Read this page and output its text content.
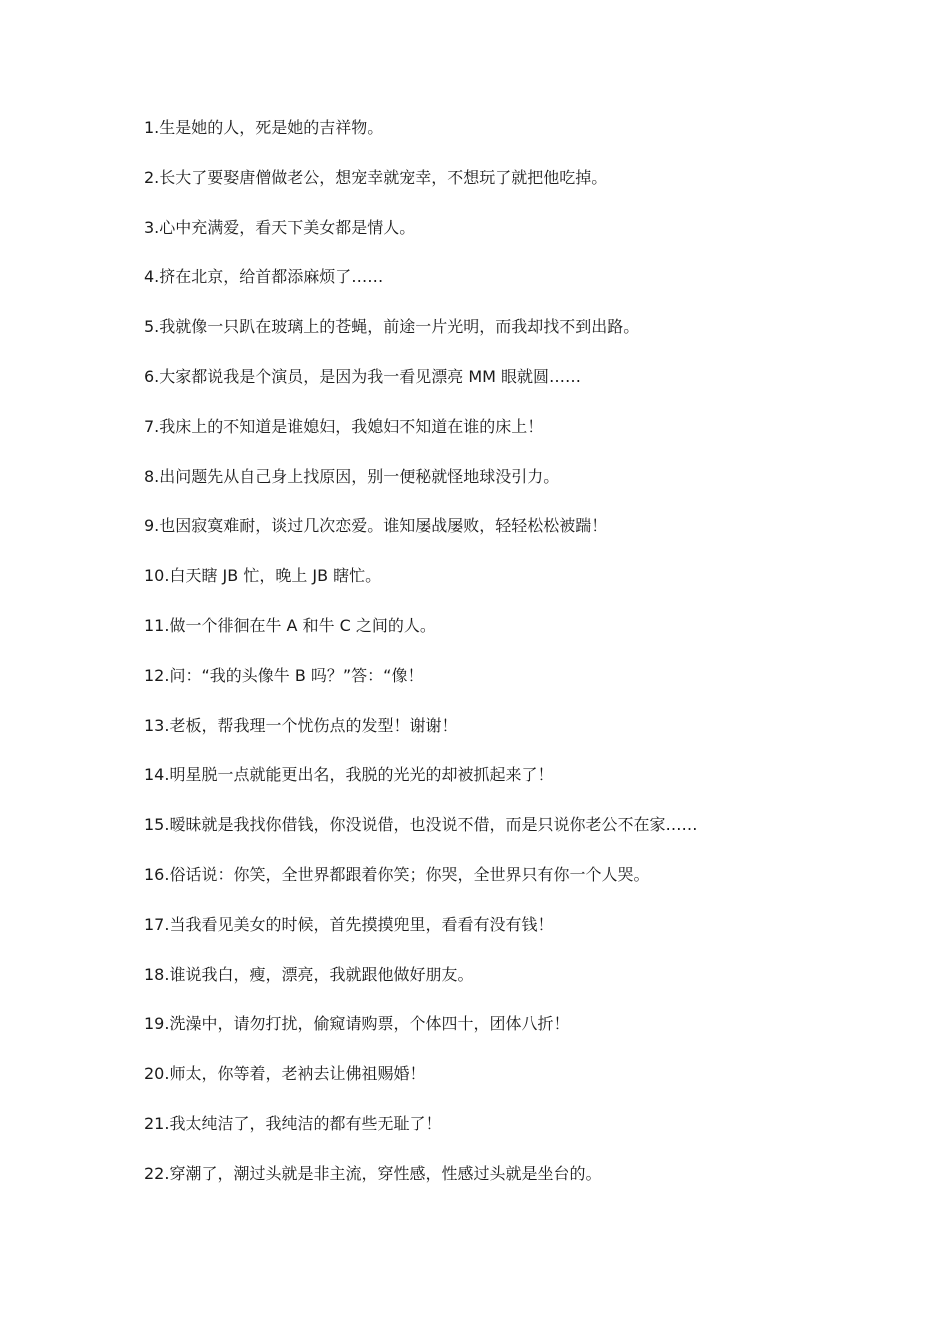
1.生是她的人，死是她的吉祥物。
2.长大了要娶唐僧做老公，想宠幸就宠幸，不想玩了就把他吃掉。
3.心中充满爱，看天下美女都是情人。
4.挤在北京，给首都添麻烦了……
5.我就像一只趴在玻璃上的苍蝇，前途一片光明，而我却找不到出路。
6.大家都说我是个演员，是因为我一看见漂亮 MM 眼就圆……
7.我床上的不知道是谁媳妇，我媳妇不知道在谁的床上！
8.出问题先从自己身上找原因，别一便秘就怪地球没引力。
9.也因寂寞难耐，谈过几次恋爱。谁知屡战屡败，轻轻松松被踹！
10.白天瞎 JB 忙，晚上 JB 瞎忙。
11.做一个徘徊在牛 A 和牛 C 之间的人。
12.问：“我的头像牛 B 吗？”答：“像！
13.老板，帮我理一个忧伤点的发型！谢谢！
14.明星脱一点就能更出名，我脱的光光的却被抓起来了！
15.暧昧就是我找你借钱，你没说借，也没说不借，而是只说你老公不在家……
16.俗话说：你笑，全世界都跟着你笑；你哭，全世界只有你一个人哭。
17.当我看见美女的时候，首先摸摸兜里，看看有没有钱！
18.谁说我白，瘦，漂亮，我就跟他做好朋友。
19.洗澡中，请勿打扰，偷窥请购票，个体四十，团体八折！
20.师太，你等着，老衲去让佛祖赐婚！
21.我太纯洁了，我纯洁的都有些无耻了！
22.穿潮了，潮过头就是非主流，穿性感，性感过头就是坐台的。
